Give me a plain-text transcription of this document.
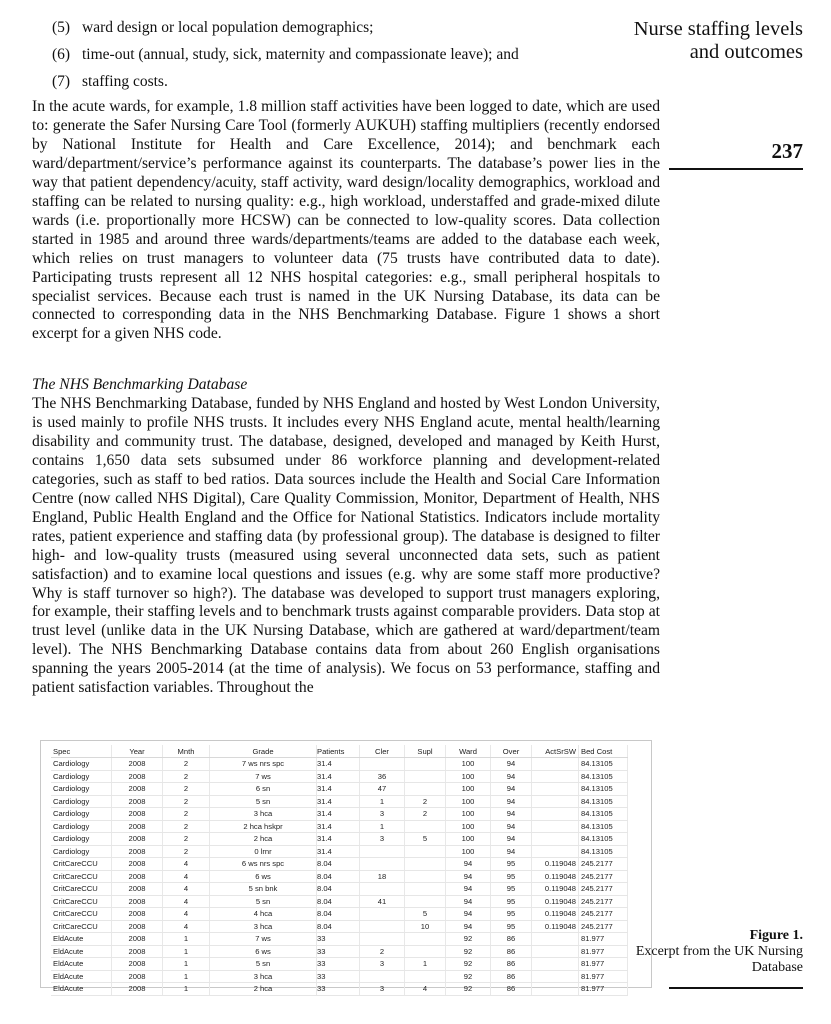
(5) ward design or local population demographics;
(6) time-out (annual, study, sick, maternity and compassionate leave); and
(7) staffing costs.

In the acute wards, for example, 1.8 million staff activities have been logged to date, which are used to: generate the Safer Nursing Care Tool (formerly AUKUH) staffing multipliers (recently endorsed by National Institute for Health and Care Excellence, 2014); and benchmark each ward/department/service’s performance against its counterparts. The database’s power lies in the way that patient dependency/acuity, staff activity, ward design/locality demographics, workload and staffing can be related to nursing quality: e.g., high workload, understaffed and grade-mixed dilute wards (i.e. proportionally more HCSW) can be connected to low-quality scores. Data collection started in 1985 and around three wards/departments/teams are added to the database each week, which relies on trust managers to volunteer data (75 trusts have contributed data to date). Participating trusts represent all 12 NHS hospital categories: e.g., small peripheral hospitals to specialist services. Because each trust is named in the UK Nursing Database, its data can be connected to corresponding data in the NHS Benchmarking Database. Figure 1 shows a short excerpt for a given NHS code.

The NHS Benchmarking Database

The NHS Benchmarking Database, funded by NHS England and hosted by West London University, is used mainly to profile NHS trusts. It includes every NHS England acute, mental health/learning disability and community trust. The database, designed, developed and managed by Keith Hurst, contains 1,650 data sets subsumed under 86 workforce planning and development-related categories, such as staff to bed ratios. Data sources include the Health and Social Care Information Centre (now called NHS Digital), Care Quality Commission, Monitor, Department of Health, NHS England, Public Health England and the Office for National Statistics. Indicators include mortality rates, patient experience and staffing data (by professional group). The database is designed to filter high- and low-quality trusts (measured using several unconnected data sets, such as patient satisfaction) and to examine local questions and issues (e.g. why are some staff more productive? Why is staff turnover so high?). The database was developed to support trust managers exploring, for example, their staffing levels and to benchmark trusts against comparable providers. Data stop at trust level (unlike data in the UK Nursing Database, which are gathered at ward/department/team level). The NHS Benchmarking Database contains data from about 260 English organisations spanning the years 2005-2014 (at the time of analysis). We focus on 53 performance, staffing and patient satisfaction variables. Throughout the

Nurse staffing levels and outcomes
237
Spec	Year	Mnth	Grade	Patients	Cler	Supl	Ward	Over	ActSrSW	Bed Cost
Cardiology	2008	2	7 ws nrs spc	31.4			100	94		84.13105
Cardiology	2008	2	7 ws	31.4	36		100	94		84.13105
Cardiology	2008	2	6 sn	31.4	47		100	94		84.13105
Cardiology	2008	2	5 sn	31.4	1	2	100	94		84.13105
Cardiology	2008	2	3 hca	31.4	3	2	100	94		84.13105
Cardiology	2008	2	2 hca hskpr	31.4	1		100	94		84.13105
Cardiology	2008	2	2 hca	31.4	3	5	100	94		84.13105
Cardiology	2008	2	0 lrnr	31.4			100	94		84.13105
CritCareCCU	2008	4	6 ws nrs spc	8.04			94	95	0.119048	245.2177
CritCareCCU	2008	4	6 ws	8.04	18		94	95	0.119048	245.2177
CritCareCCU	2008	4	5 sn bnk	8.04			94	95	0.119048	245.2177
CritCareCCU	2008	4	5 sn	8.04	41		94	95	0.119048	245.2177
CritCareCCU	2008	4	4 hca	8.04		5	94	95	0.119048	245.2177
CritCareCCU	2008	4	3 hca	8.04		10	94	95	0.119048	245.2177
EldAcute	2008	1	7 ws	33			92	86		81.977
EldAcute	2008	1	6 ws	33	2		92	86		81.977
EldAcute	2008	1	5 sn	33	3	1	92	86		81.977
EldAcute	2008	1	3 hca	33			92	86		81.977
EldAcute	2008	1	2 hca	33	3	4	92	86		81.977
Figure 1.
Excerpt from the UK Nursing Database
